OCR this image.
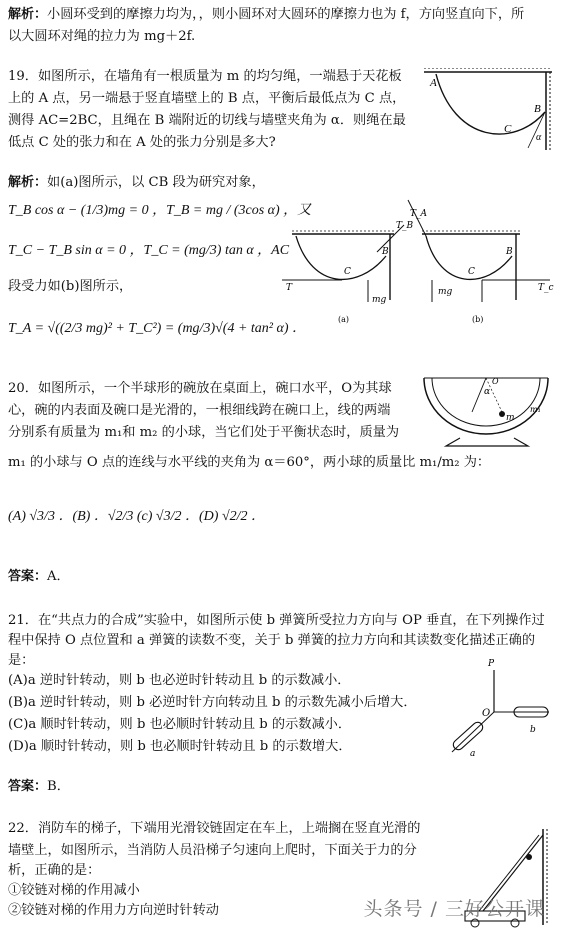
解析：小圆环受到的摩擦力均为，，则小圆环对大圆环的摩擦力也为 f，方向竖直向下，所
以大圆环对绳的拉力为 mg＋2f.
19．如图所示，在墙角有一根质量为 m 的均匀绳，一端悬于天花板
上的 A 点，另一端悬于竖直墙壁上的 B 点，平衡后最低点为 C 点，
测得 AC=2BC，且绳在 B 端附近的切线与墙壁夹角为 α．则绳在最
低点 C 处的张力和在 A 处的张力分别是多大?
A
B
C
α
解析：如(a)图所示，以 CB 段为研究对象，
T_B cos α − (1/3)mg = 0 ，T_B = mg / (3cos α) ，又
T_C − T_B sin α = 0 ，T_C = (mg/3) tan α ，AC
段受力如(b)图所示，
T_A = √((2/3 mg)² + T_C²) = (mg/3)√(4 + tan² α) ．
T_B
B
C
T
mg
(a)
T_A
B
C
mg	T_c
(b)
20．如图所示，一个半球形的碗放在桌面上，碗口水平，O为其球
心，碗的内表面及碗口是光滑的，一根细线跨在碗口上，线的两端
分别系有质量为 m₁和 m₂ 的小球，当它们处于平衡状态时，质量为
m₁ 的小球与 O 点的连线与水平线的夹角为 α＝60°，两小球的质量比 m₁/m₂ 为：
(A) √3/3 ．(B) ．√2/3 (c) √3/2 ．(D) √2/2 ．
α
m
O
m₁
答案：A．
21．在“共点力的合成”实验中，如图所示使 b 弹簧所受拉力方向与 OP 垂直，在下列操作过
程中保持 O 点位置和 a 弹簧的读数不变，关于 b 弹簧的拉力方向和其读数变化描述正确的
是：
(A)a 逆时针转动，则 b 也必逆时针转动且 b 的示数减小．
(B)a 逆时针转动，则 b 必逆时针方向转动且 b 的示数先减小后增大．
(C)a 顺时针转动，则 b 也必顺时针转动且 b 的示数减小．
(D)a 顺时针转动，则 b 也必顺时针转动且 b 的示数增大．
P
O
b
a
答案：B．
22．消防车的梯子，下端用光滑铰链固定在车上，上端搁在竖直光滑的
墙壁上，如图所示，当消防人员沿梯子匀速向上爬时，下面关于力的分
析，正确的是：
①铰链对梯的作用减小
②铰链对梯的作用力方向逆时针转动	头条号 / 三好公开课
